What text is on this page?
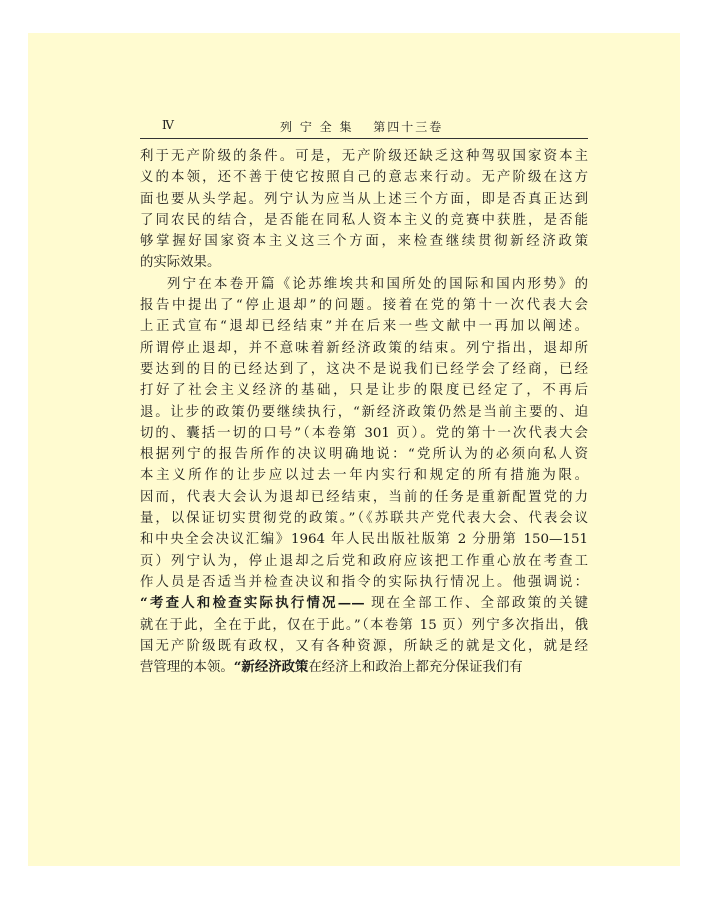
Ⅳ	列 宁 全 集　 第四十三卷
利于无产阶级的条件。可是，无产阶级还缺乏这种驾驭国家资本主
义的本领，还不善于使它按照自己的意志来行动。无产阶级在这方
面也要从头学起。列宁认为应当从上述三个方面，即是否真正达到
了同农民的结合，是否能在同私人资本主义的竞赛中获胜，是否能
够掌握好国家资本主义这三个方面，来检查继续贯彻新经济政策
的实际效果。
列宁在本卷开篇《论苏维埃共和国所处的国际和国内形势》的
报告中提出了“停止退却”的问题。接着在党的第十一次代表大会
上正式宣布“退却已经结束”并在后来一些文献中一再加以阐述。
所谓停止退却，并不意味着新经济政策的结束。列宁指出，退却所
要达到的目的已经达到了，这决不是说我们已经学会了经商，已经
打好了社会主义经济的基础，只是让步的限度已经定了，不再后
退。让步的政策仍要继续执行，“新经济政策仍然是当前主要的、迫
切的、囊括一切的口号”（本卷第 301 页）。党的第十一次代表大会
根据列宁的报告所作的决议明确地说：“党所认为的必须向私人资
本主义所作的让步应以过去一年内实行和规定的所有措施为限。
因而，代表大会认为退却已经结束，当前的任务是重新配置党的力
量，以保证切实贯彻党的政策。”（《苏联共产党代表大会、代表会议
和中央全会决议汇编》1964 年人民出版社版第 2 分册第 150—151
页）列宁认为，停止退却之后党和政府应该把工作重心放在考查工
作人员是否适当并检查决议和指令的实际执行情况上。他强调说：
“考查人和检查实际执行情况—— 现在全部工作、全部政策的关键
就在于此，全在于此，仅在于此。”（本卷第 15 页）列宁多次指出，俄
国无产阶级既有政权，又有各种资源，所缺乏的就是文化，就是经
营管理的本领。“新经济政策在经济上和政治上都充分保证我们有
